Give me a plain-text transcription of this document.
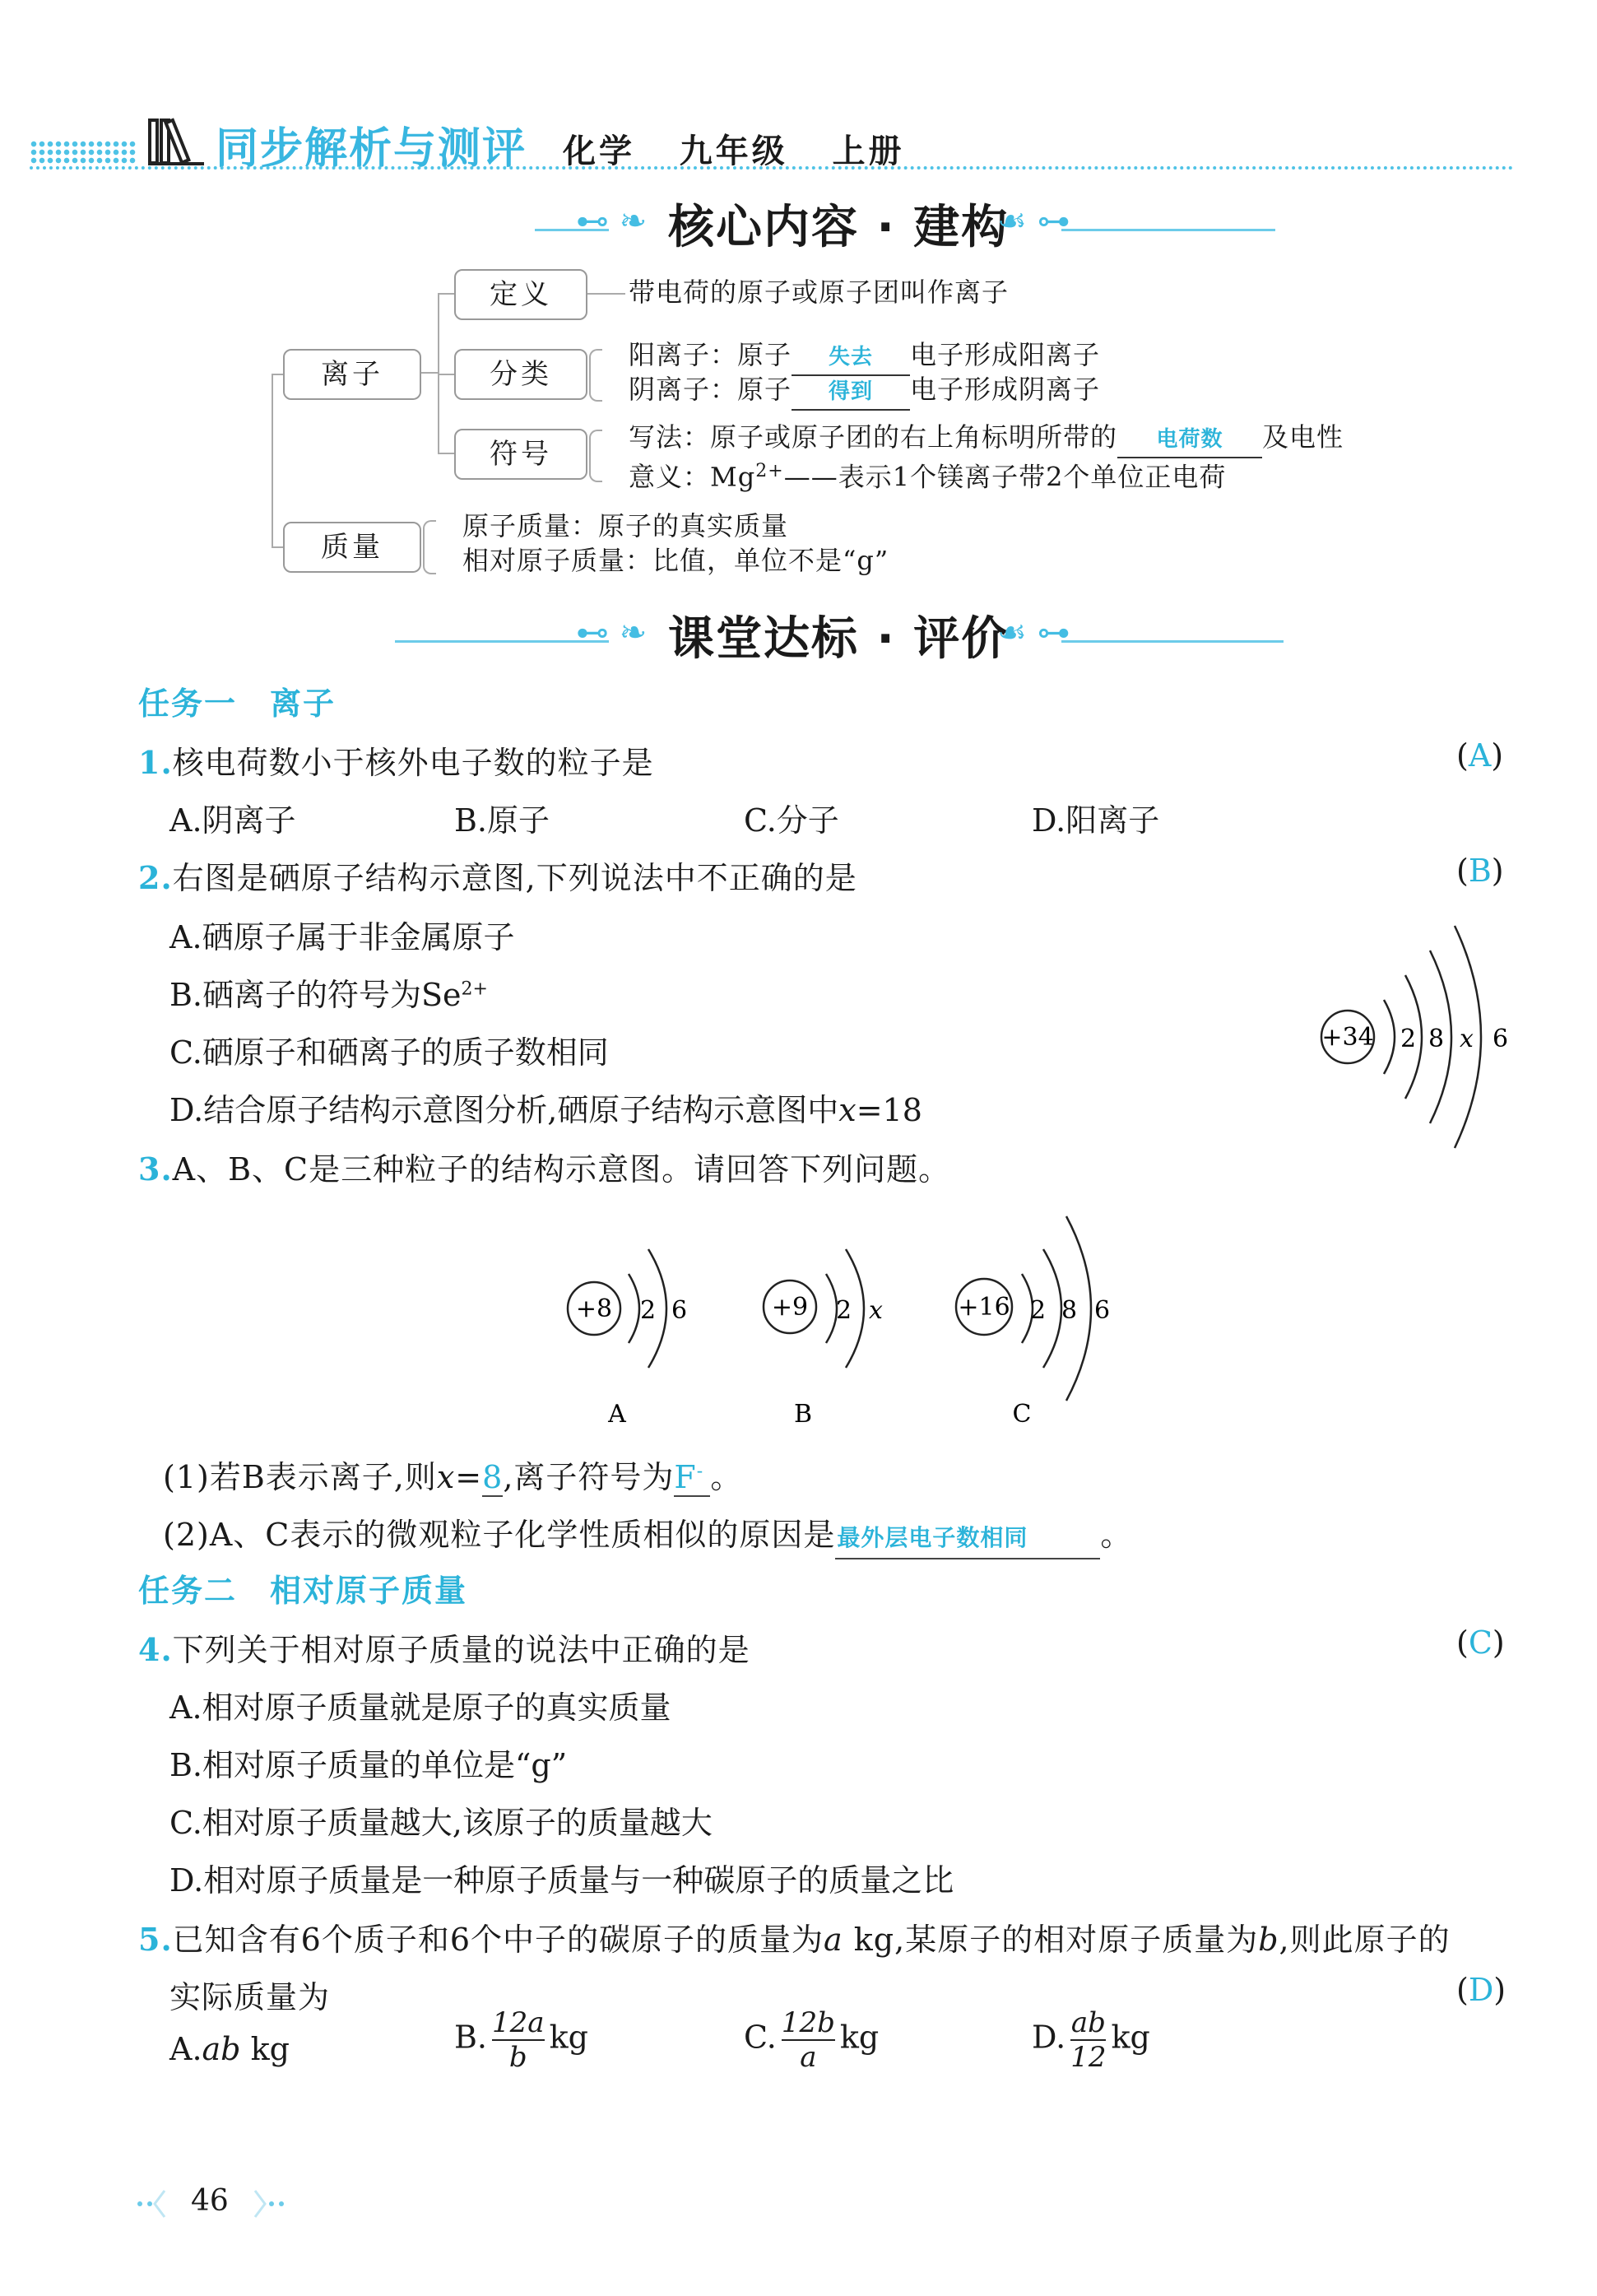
同步解析与测评 化学 九年级 上册
⊷ ❧ 核心内容 · 建构
☙ ⊶
离子
定义
分类
符号
质量
带电荷的原子或原子团叫作离子
阳离子：原子 失去 电子形成阳离子
阴离子：原子 得到 电子形成阴离子
写法：原子或原子团的右上角标明所带的 电荷数 及电性
意义：$Mg^{2+}——$表示1个镁离子带2个单位正电荷
原子质量：原子的真实质量
相对原子质量：比值，单位不是“g”
⊷ ❧ 课堂达标 · 评价
☙ ⊶
任务一　离子
1.核电荷数小于核外电子数的粒子是	(A)
A.阴离子	B.原子	C.分子	D.阳离子
2.右图是硒原子结构示意图,下列说法中不正确的是	(B)
A.硒原子属于非金属原子
B.硒离子的符号为$Se^{2+}$
C.硒原子和硒离子的质子数相同
D.结合原子结构示意图分析,硒原子结构示意图中x=18
+34 2 8 x 6
3.A、B、C是三种粒子的结构示意图。请回答下列问题。
+8 2 6
A
+9 2 x
B
+16 2 8 6
C
(1)若B表示离子,则x=8,离子符号为F- 。
(2)A、C表示的微观粒子化学性质相似的原因是最外层电子数相同 。
任务二　相对原子质量
4.下列关于相对原子质量的说法中正确的是	(C)
A.相对原子质量就是原子的真实质量
B.相对原子质量的单位是“g”
C.相对原子质量越大,该原子的质量越大
D.相对原子质量是一种原子质量与一种碳原子的质量之比
5.已知含有6个质子和6个中子的碳原子的质量为a kg,某原子的相对原子质量为b,则此原子的
实际质量为	(D)
A.ab kg	B. $\frac{12a}{b}$ kg	C. $\frac{12b}{a}$ kg	D. $\frac{ab}{12}$ kg
46
